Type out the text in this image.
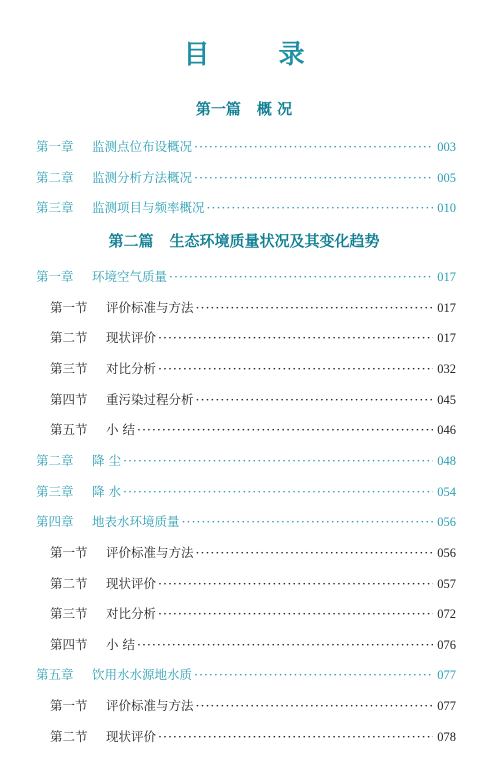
目 录
第一篇 概 况
第一章	监测点位布设概况 ·····	003
第二章	监测分析方法概况 ·····	005
第三章	监测项目与频率概况 ·····	010
第二篇 生态环境质量状况及其变化趋势
第一章	环境空气质量 ·····	017
第一节	评价标准与方法 ·····	017
第二节	现状评价 ·····	017
第三节	对比分析 ·····	032
第四节	重污染过程分析 ·····	045
第五节	小 结 ·····	046
第二章	降 尘 ·····	048
第三章	降 水 ·····	054
第四章	地表水环境质量 ·····	056
第一节	评价标准与方法 ·····	056
第二节	现状评价 ·····	057
第三节	对比分析 ·····	072
第四节	小 结 ·····	076
第五章	饮用水水源地水质 ·····	077
第一节	评价标准与方法 ·····	077
第二节	现状评价 ·····	078
